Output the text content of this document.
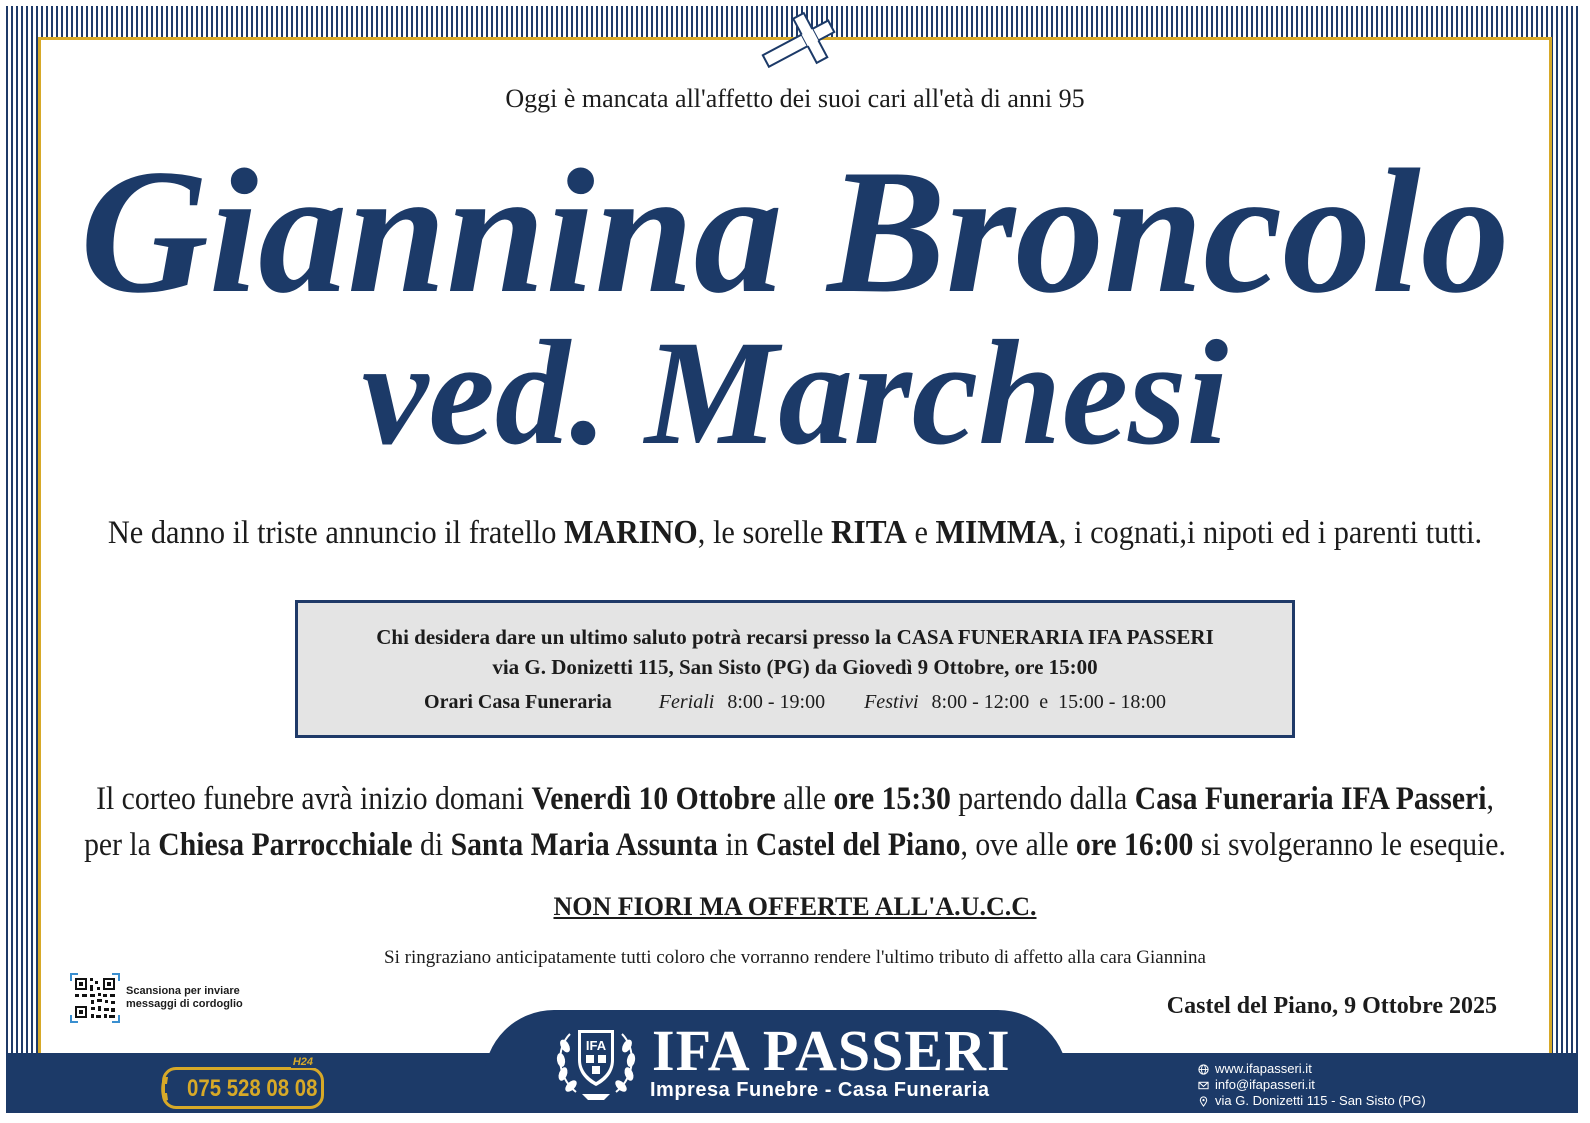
Oggi è mancata all'affetto dei suoi cari all'età di anni 95
Giannina Broncolo
ved. Marchesi
Ne danno il triste annuncio il fratello MARINO, le sorelle RITA e MIMMA, i cognati,i nipoti ed i parenti tutti.
Chi desidera dare un ultimo saluto potrà recarsi presso la CASA FUNERARIA IFA PASSERI
via G. Donizetti 115, San Sisto (PG) da Giovedì 9 Ottobre, ore 15:00
Orari Casa Funeraria Feriali 8:00 - 19:00 Festivi 8:00 - 12:00  e  15:00 - 18:00
Il corteo funebre avrà inizio domani Venerdì 10 Ottobre alle ore 15:30 partendo dalla Casa Funeraria IFA Passeri,
per la Chiesa Parrocchiale di Santa Maria Assunta in Castel del Piano, ove alle ore 16:00 si svolgeranno le esequie.
NON FIORI MA OFFERTE ALL'A.U.C.C.
Si ringraziano anticipatamente tutti coloro che vorranno rendere l'ultimo tributo di affetto alla cara Giannina
Scansiona per inviare
messaggi di cordoglio	Castel del Piano, 9 Ottobre 2025
IFA IFA PASSERI
Impresa Funebre - Casa Funeraria
H24
075 528 08 08
www.ifapasseri.it
info@ifapasseri.it
via G. Donizetti 115 - San Sisto (PG)
